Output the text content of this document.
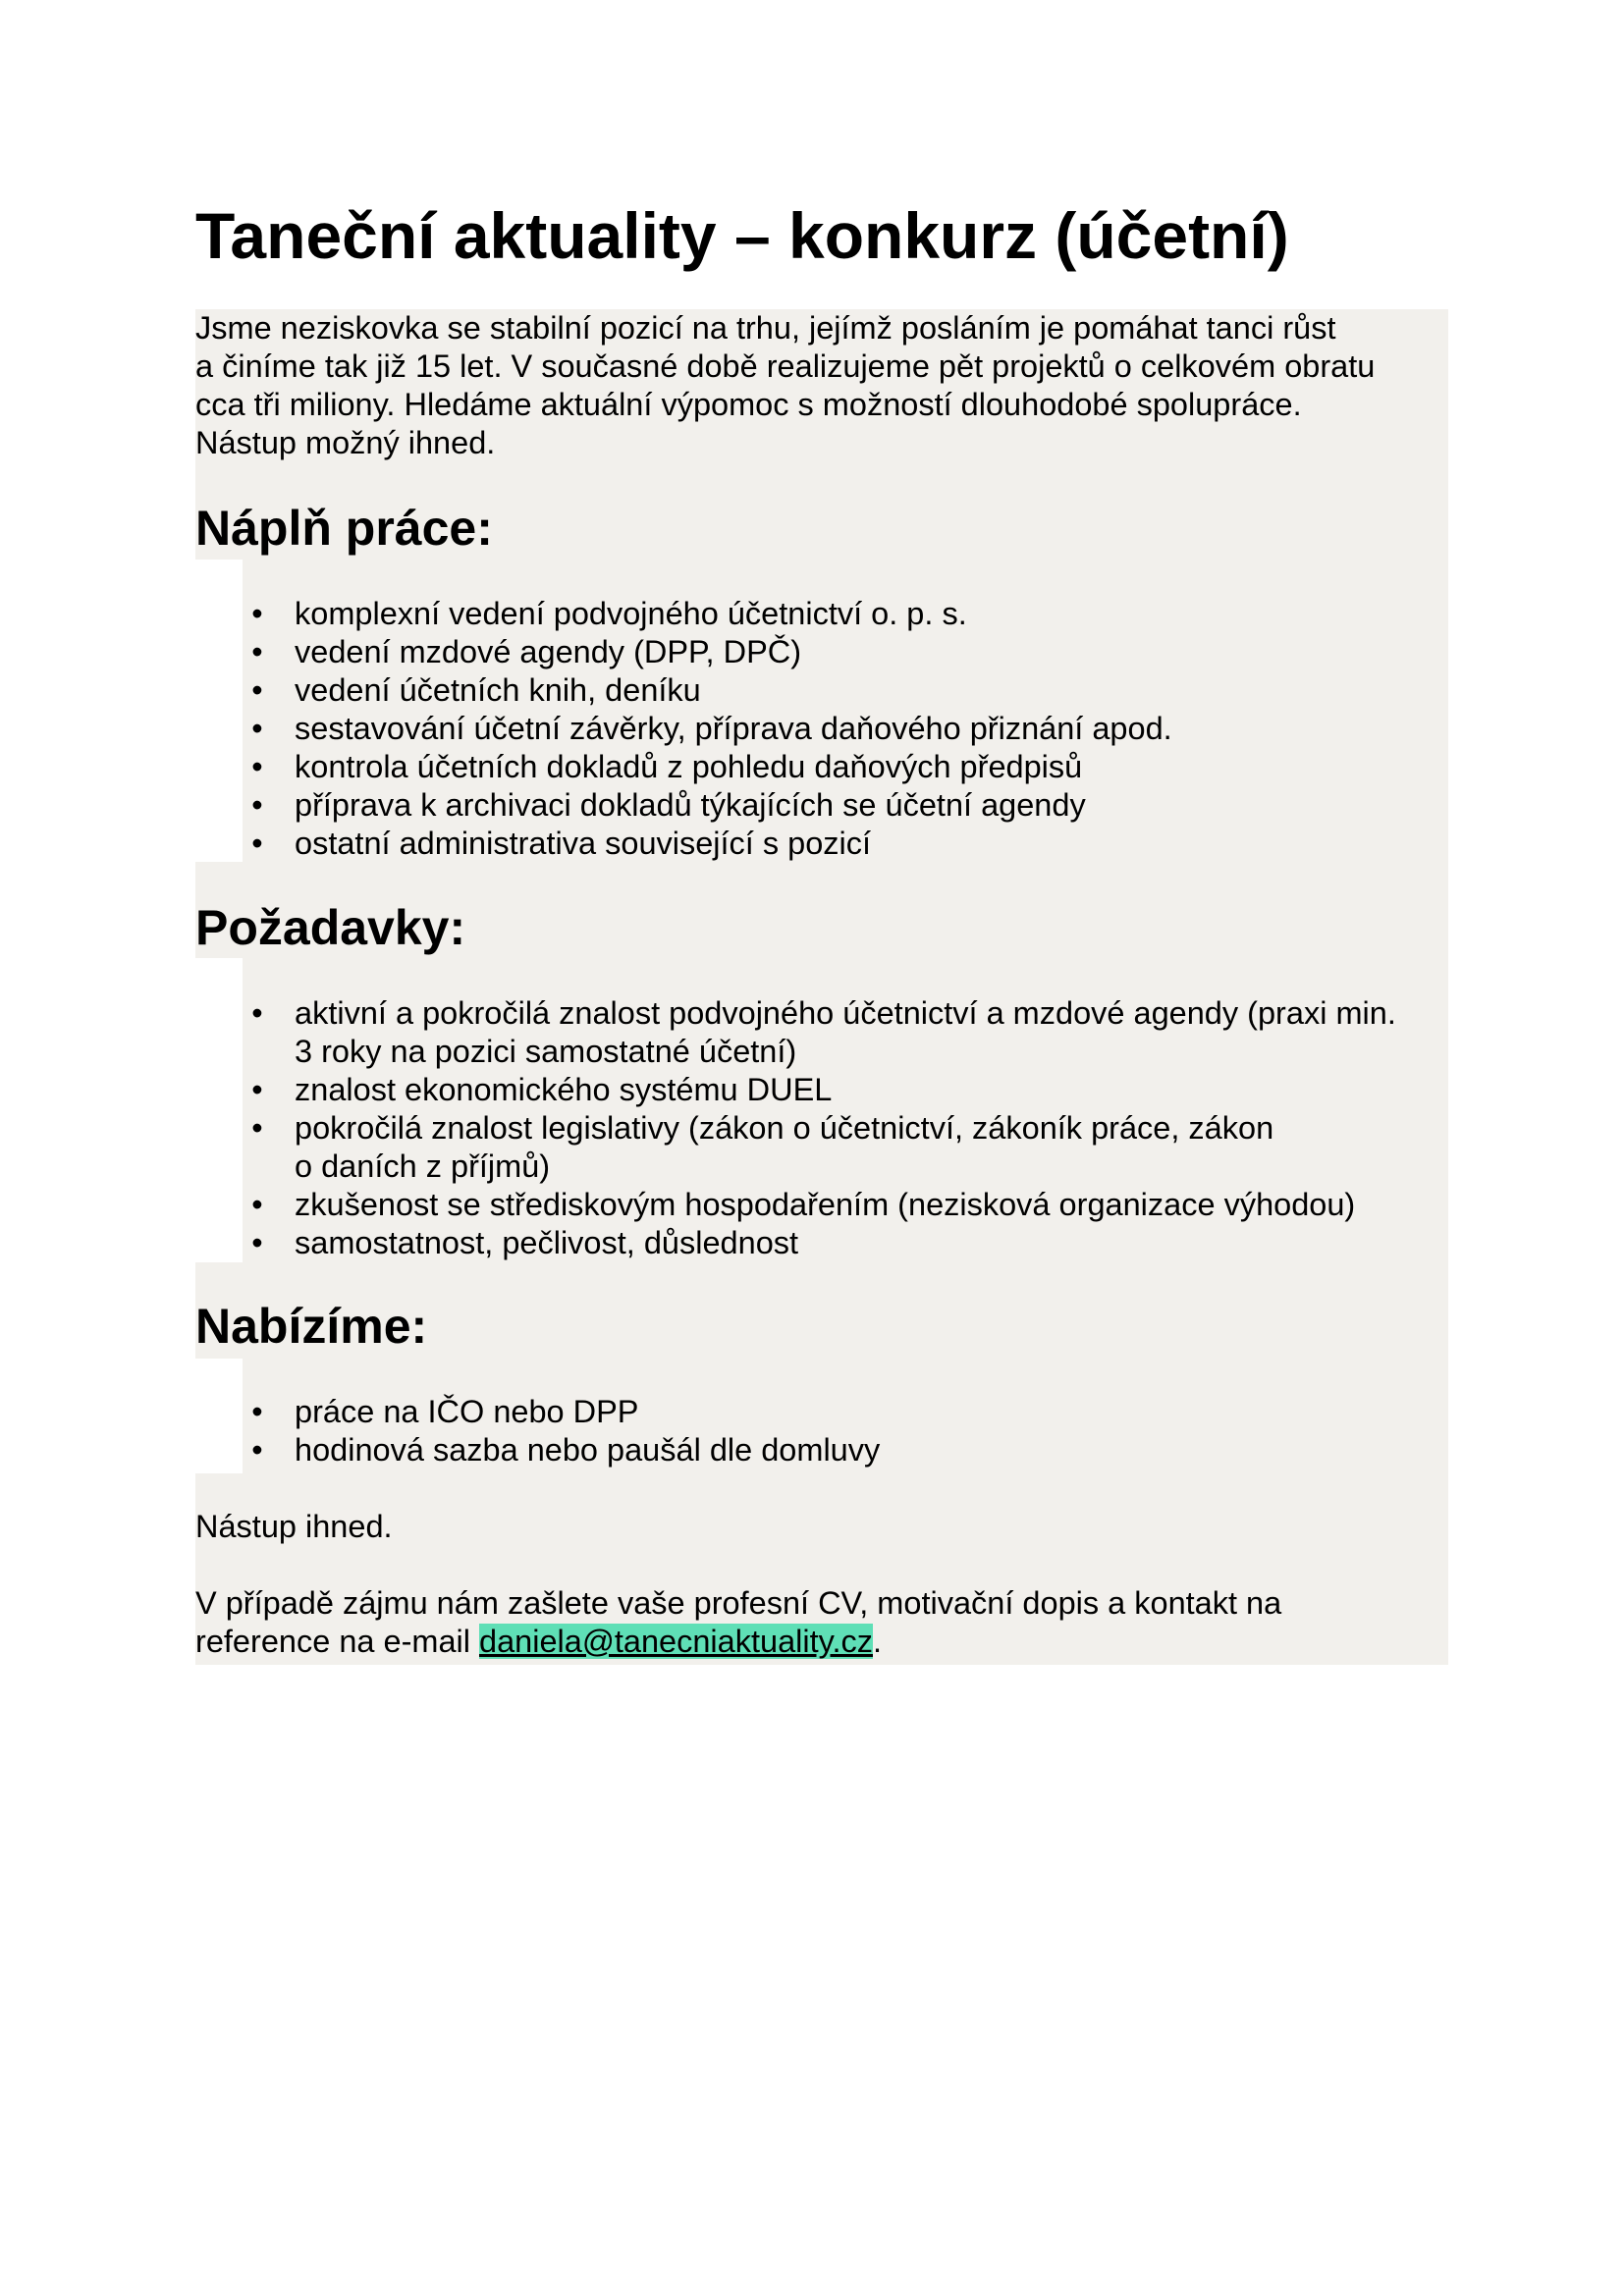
Taneční aktuality – konkurz (účetní)

Jsme neziskovka se stabilní pozicí na trhu, jejímž posláním je pomáhat tanci růst

a činíme tak již 15 let. V současné době realizujeme pět projektů o celkovém obratu

cca tři miliony. Hledáme aktuální výpomoc s možností dlouhodobé spolupráce.

Nástup možný ihned.

Náplň práce:
• komplexní vedení podvojného účetnictví o. p. s.
• vedení mzdové agendy (DPP, DPČ)
• vedení účetních knih, deníku
• sestavování účetní závěrky, příprava daňového přiznání apod.
• kontrola účetních dokladů z pohledu daňových předpisů
• příprava k archivaci dokladů týkajících se účetní agendy
• ostatní administrativa související s pozicí
Požadavky:
• aktivní a pokročilá znalost podvojného účetnictví a mzdové agendy (praxi min.
3 roky na pozici samostatné účetní)
• znalost ekonomického systému DUEL
• pokročilá znalost legislativy (zákon o účetnictví, zákoník práce, zákon
o daních z příjmů)
• zkušenost se střediskovým hospodařením (nezisková organizace výhodou)
• samostatnost, pečlivost, důslednost
Nabízíme:
• práce na IČO nebo DPP
• hodinová sazba nebo paušál dle domluvy

Nástup ihned.

V případě zájmu nám zašlete vaše profesní CV, motivační dopis a kontakt na

reference na e-mail daniela@tanecniaktuality.cz.
